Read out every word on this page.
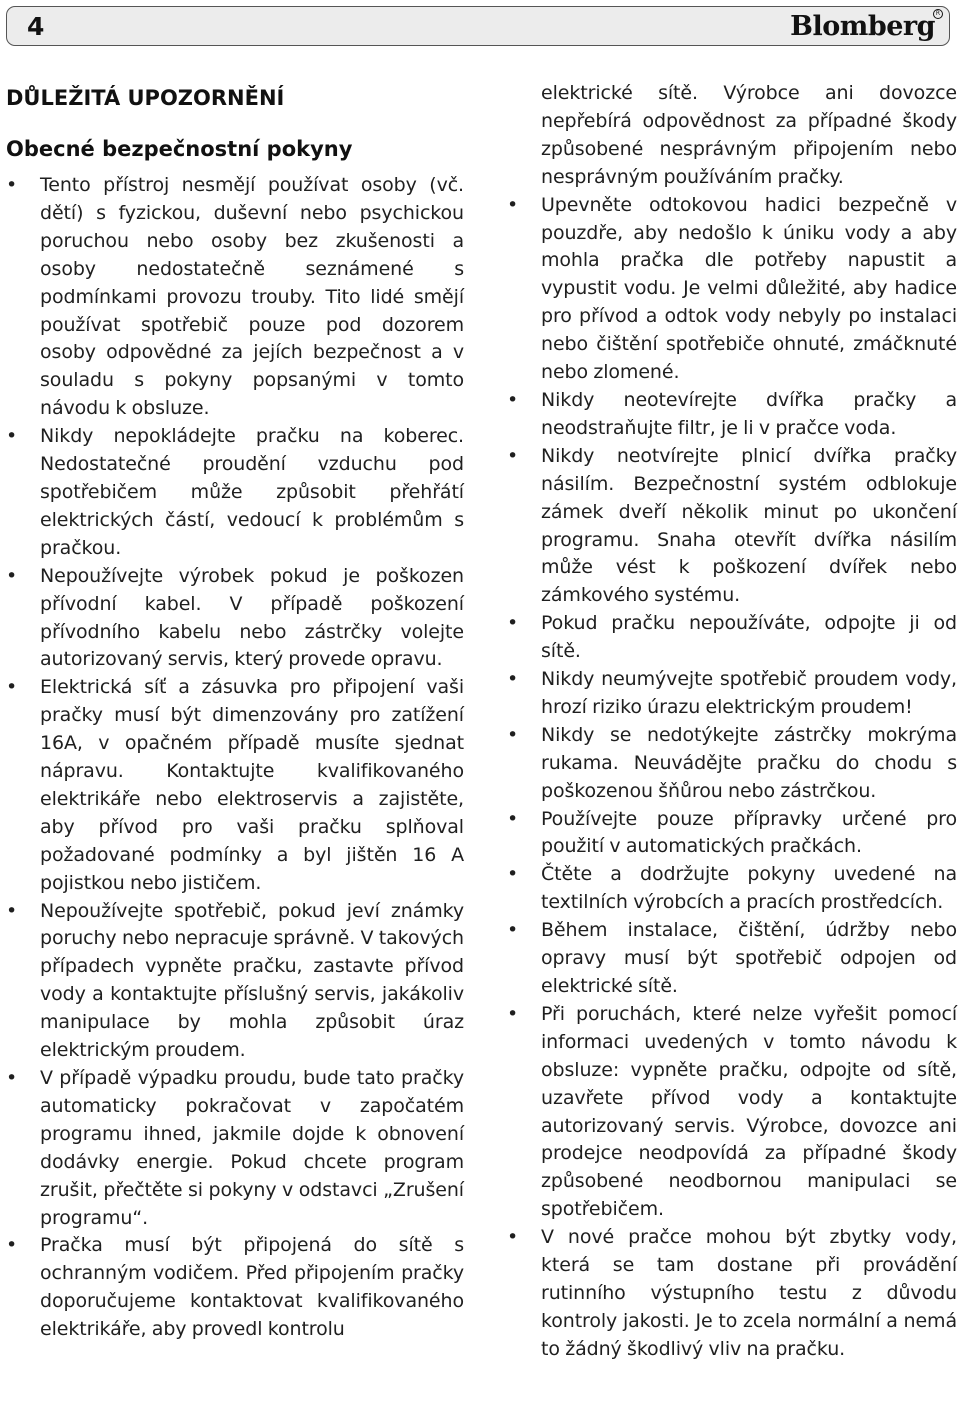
4	Blomberg R
DŮLEŽITÁ UPOZORNĚNÍ
Obecné bezpečnostní pokyny
• Tento přístroj nesmějí používat osoby (vč. dětí) s fyzickou, duševní nebo psychickou poruchou nebo osoby bez zkušenosti a osoby nedostatečně seznámené s podmínkami provozu trouby. Tito lidé smějí používat spotřebič pouze pod dozorem osoby odpovědné za jejích bezpečnost a v souladu s pokyny popsanými v tomto návodu k obsluze.
• Nikdy nepokládejte pračku na koberec. Nedostatečné proudění vzduchu pod spotřebičem může způsobit přehřátí elektrických částí, vedoucí k problémům s pračkou.
• Nepoužívejte výrobek pokud je poškozen přívodní kabel. V případě poškození přívodního kabelu nebo zástrčky volejte autorizovaný servis, který provede opravu.
• Elektrická síť a zásuvka pro připojení vaši pračky musí být dimenzovány pro zatížení 16A, v opačném případě musíte sjednat nápravu. Kontaktujte kvalifikovaného elektrikáře nebo elektroservis a zajistěte, aby přívod pro vaši pračku splňoval požadované podmínky a byl jištěn 16 A pojistkou nebo jističem.
• Nepoužívejte spotřebič, pokud jeví známky poruchy nebo nepracuje správně. V takových případech vypněte pračku, zastavte přívod vody a kontaktujte příslušný servis, jakákoliv manipulace by mohla způsobit úraz elektrickým proudem.
• V případě výpadku proudu, bude tato pračky automaticky pokračovat v započatém programu ihned, jakmile dojde k obnovení dodávky energie. Pokud chcete program zrušit, přečtěte si pokyny v odstavci „Zrušení programu“.
• Pračka musí být připojená do sítě s ochranným vodičem. Před připojením pračky doporučujeme kontaktovat kvalifikovaného elektrikáře, aby provedl kontrolu
elektrické sítě. Výrobce ani dovozce nepřebírá odpovědnost za případné škody způsobené nesprávným připojením nebo nesprávným používáním pračky.
• Upevněte odtokovou hadici bezpečně v pouzdře, aby nedošlo k úniku vody a aby mohla pračka dle potřeby napustit a vypustit vodu. Je velmi důležité, aby hadice pro přívod a odtok vody nebyly po instalaci nebo čištění spotřebiče ohnuté, zmáčknuté nebo zlomené.
• Nikdy neotevírejte dvířka pračky a neodstraňujte filtr, je li v pračce voda.
• Nikdy neotvírejte plnicí dvířka pračky násilím. Bezpečnostní systém odblokuje zámek dveří několik minut po ukončení programu. Snaha otevřít dvířka násilím může vést k poškození dvířek nebo zámkového systému.
• Pokud pračku nepoužíváte, odpojte ji od sítě.
• Nikdy neumývejte spotřebič proudem vody, hrozí riziko úrazu elektrickým proudem!
• Nikdy se nedotýkejte zástrčky mokrýma rukama. Neuvádějte pračku do chodu s poškozenou šňůrou nebo zástrčkou.
• Používejte pouze přípravky určené pro použití v automatických pračkách.
• Čtěte a dodržujte pokyny uvedené na textilních výrobcích a pracích prostředcích.
• Během instalace, čištění, údržby nebo opravy musí být spotřebič odpojen od elektrické sítě.
• Při poruchách, které nelze vyřešit pomocí informaci uvedených v tomto návodu k obsluze: vypněte pračku, odpojte od sítě, uzavřete přívod vody a kontaktujte autorizovaný servis. Výrobce, dovozce ani prodejce neodpovídá za případné škody způsobené neodbornou manipulaci se spotřebičem.
• V nové pračce mohou být zbytky vody, která se tam dostane při provádění rutinního výstupního testu z důvodu kontroly jakosti. Je to zcela normální a nemá to žádný škodlivý vliv na pračku.
